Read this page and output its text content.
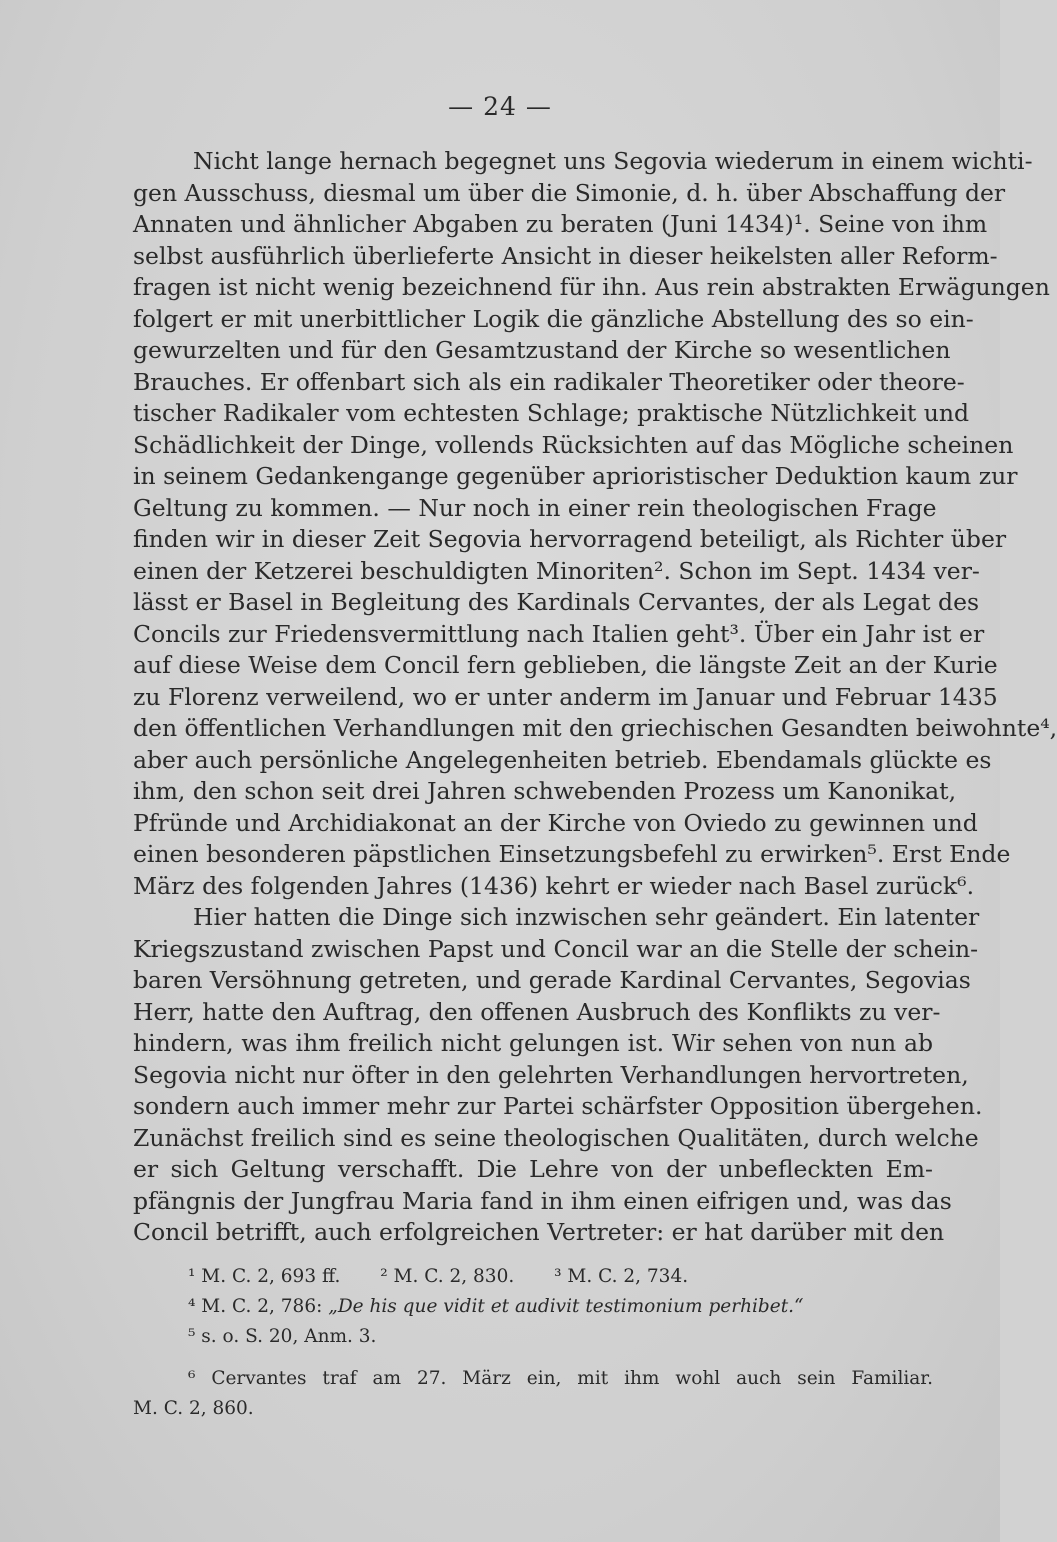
— 24 —
Nicht lange hernach begegnet uns Segovia wiederum in einem wichti-
gen Ausschuss, diesmal um über die Simonie, d. h. über Abschaffung der
Annaten und ähnlicher Abgaben zu beraten (Juni 1434)¹. Seine von ihm
selbst ausführlich überlieferte Ansicht in dieser heikelsten aller Reform-
fragen ist nicht wenig bezeichnend für ihn. Aus rein abstrakten Erwägungen
folgert er mit unerbittlicher Logik die gänzliche Abstellung des so ein-
gewurzelten und für den Gesamtzustand der Kirche so wesentlichen
Brauches. Er offenbart sich als ein radikaler Theoretiker oder theore-
tischer Radikaler vom echtesten Schlage; praktische Nützlichkeit und
Schädlichkeit der Dinge, vollends Rücksichten auf das Mögliche scheinen
in seinem Gedankengange gegenüber aprioristischer Deduktion kaum zur
Geltung zu kommen. — Nur noch in einer rein theologischen Frage
finden wir in dieser Zeit Segovia hervorragend beteiligt, als Richter über
einen der Ketzerei beschuldigten Minoriten². Schon im Sept. 1434 ver-
lässt er Basel in Begleitung des Kardinals Cervantes, der als Legat des
Concils zur Friedensvermittlung nach Italien geht³. Über ein Jahr ist er
auf diese Weise dem Concil fern geblieben, die längste Zeit an der Kurie
zu Florenz verweilend, wo er unter anderm im Januar und Februar 1435
den öffentlichen Verhandlungen mit den griechischen Gesandten beiwohnte⁴,
aber auch persönliche Angelegenheiten betrieb. Ebendamals glückte es
ihm, den schon seit drei Jahren schwebenden Prozess um Kanonikat,
Pfründe und Archidiakonat an der Kirche von Oviedo zu gewinnen und
einen besonderen päpstlichen Einsetzungsbefehl zu erwirken⁵. Erst Ende
März des folgenden Jahres (1436) kehrt er wieder nach Basel zurück⁶.
Hier hatten die Dinge sich inzwischen sehr geändert. Ein latenter
Kriegszustand zwischen Papst und Concil war an die Stelle der schein-
baren Versöhnung getreten, und gerade Kardinal Cervantes, Segovias
Herr, hatte den Auftrag, den offenen Ausbruch des Konflikts zu ver-
hindern, was ihm freilich nicht gelungen ist. Wir sehen von nun ab
Segovia nicht nur öfter in den gelehrten Verhandlungen hervortreten,
sondern auch immer mehr zur Partei schärfster Opposition übergehen.
Zunächst freilich sind es seine theologischen Qualitäten, durch welche
er sich Geltung verschafft. Die Lehre von der unbefleckten Em-
pfängnis der Jungfrau Maria fand in ihm einen eifrigen und, was das
Concil betrifft, auch erfolgreichen Vertreter: er hat darüber mit den
¹ M. C. 2, 693 ff. ² M. C. 2, 830. ³ M. C. 2, 734.
⁴ M. C. 2, 786: „De his que vidit et audivit testimonium perhibet.“
⁵ s. o. S. 20, Anm. 3.
⁶ Cervantes traf am 27. März ein, mit ihm wohl auch sein Familiar.
M. C. 2, 860.
